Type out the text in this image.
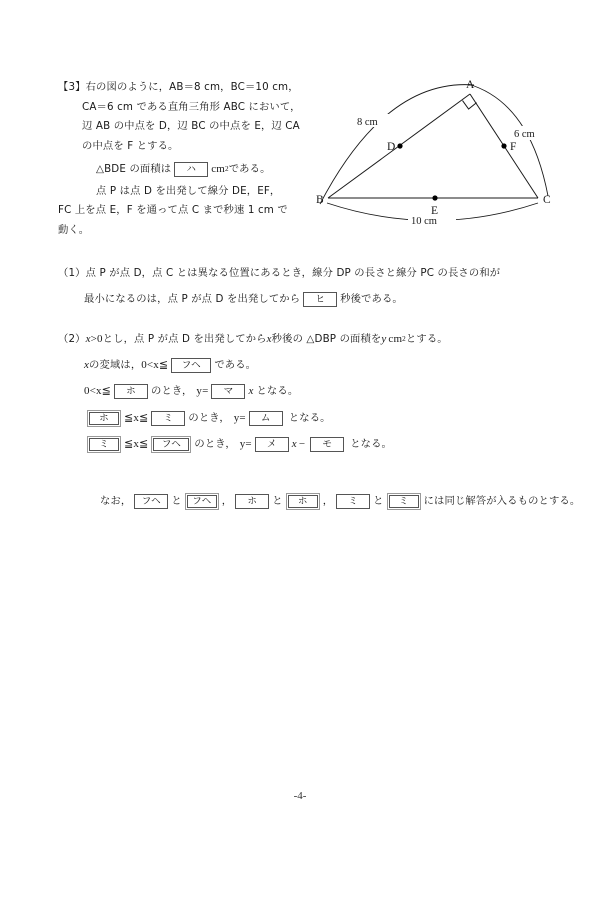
【3】 右の図のように，AB＝8 cm，BC＝10 cm，
CA＝6 cm である直角三角形 ABC において，
辺 AB の中点を D，辺 BC の中点を E，辺 CA
の中点を F とする。
△BDE の面積は	ハ	cm 2 である。
点 P は点 D を出発して線分 DE，EF，
FC 上を点 E，F を通って点 C まで秒速 1 cm で
動く。
A
B	C
D
E
F
8 cm
6 cm
10 cm
（1） 点 P が点 D，点 C とは異なる位置にあるとき，線分 DP の長さと線分 PC の長さの和が
最小になるのは，点 P が点 D を出発してから	ヒ	秒後である。
（2） x >0 とし，点 P が点 D を出発してから x 秒後の △DBP の面積を y cm 2 とする。
x の変域は， 0<x≦	フヘ	である。
0<x≦	ホ	のとき， y=	マ	x となる。
ホ	≦x≦	ミ	のとき， y=	ム	となる。
ミ	≦x≦	フヘ	のとき， y=	メ	x −	モ	となる。
なお，	フヘ	と	フヘ	，	ホ	と	ホ	，	ミ	と	ミ	には同じ解答が入るものとする。
-4-
